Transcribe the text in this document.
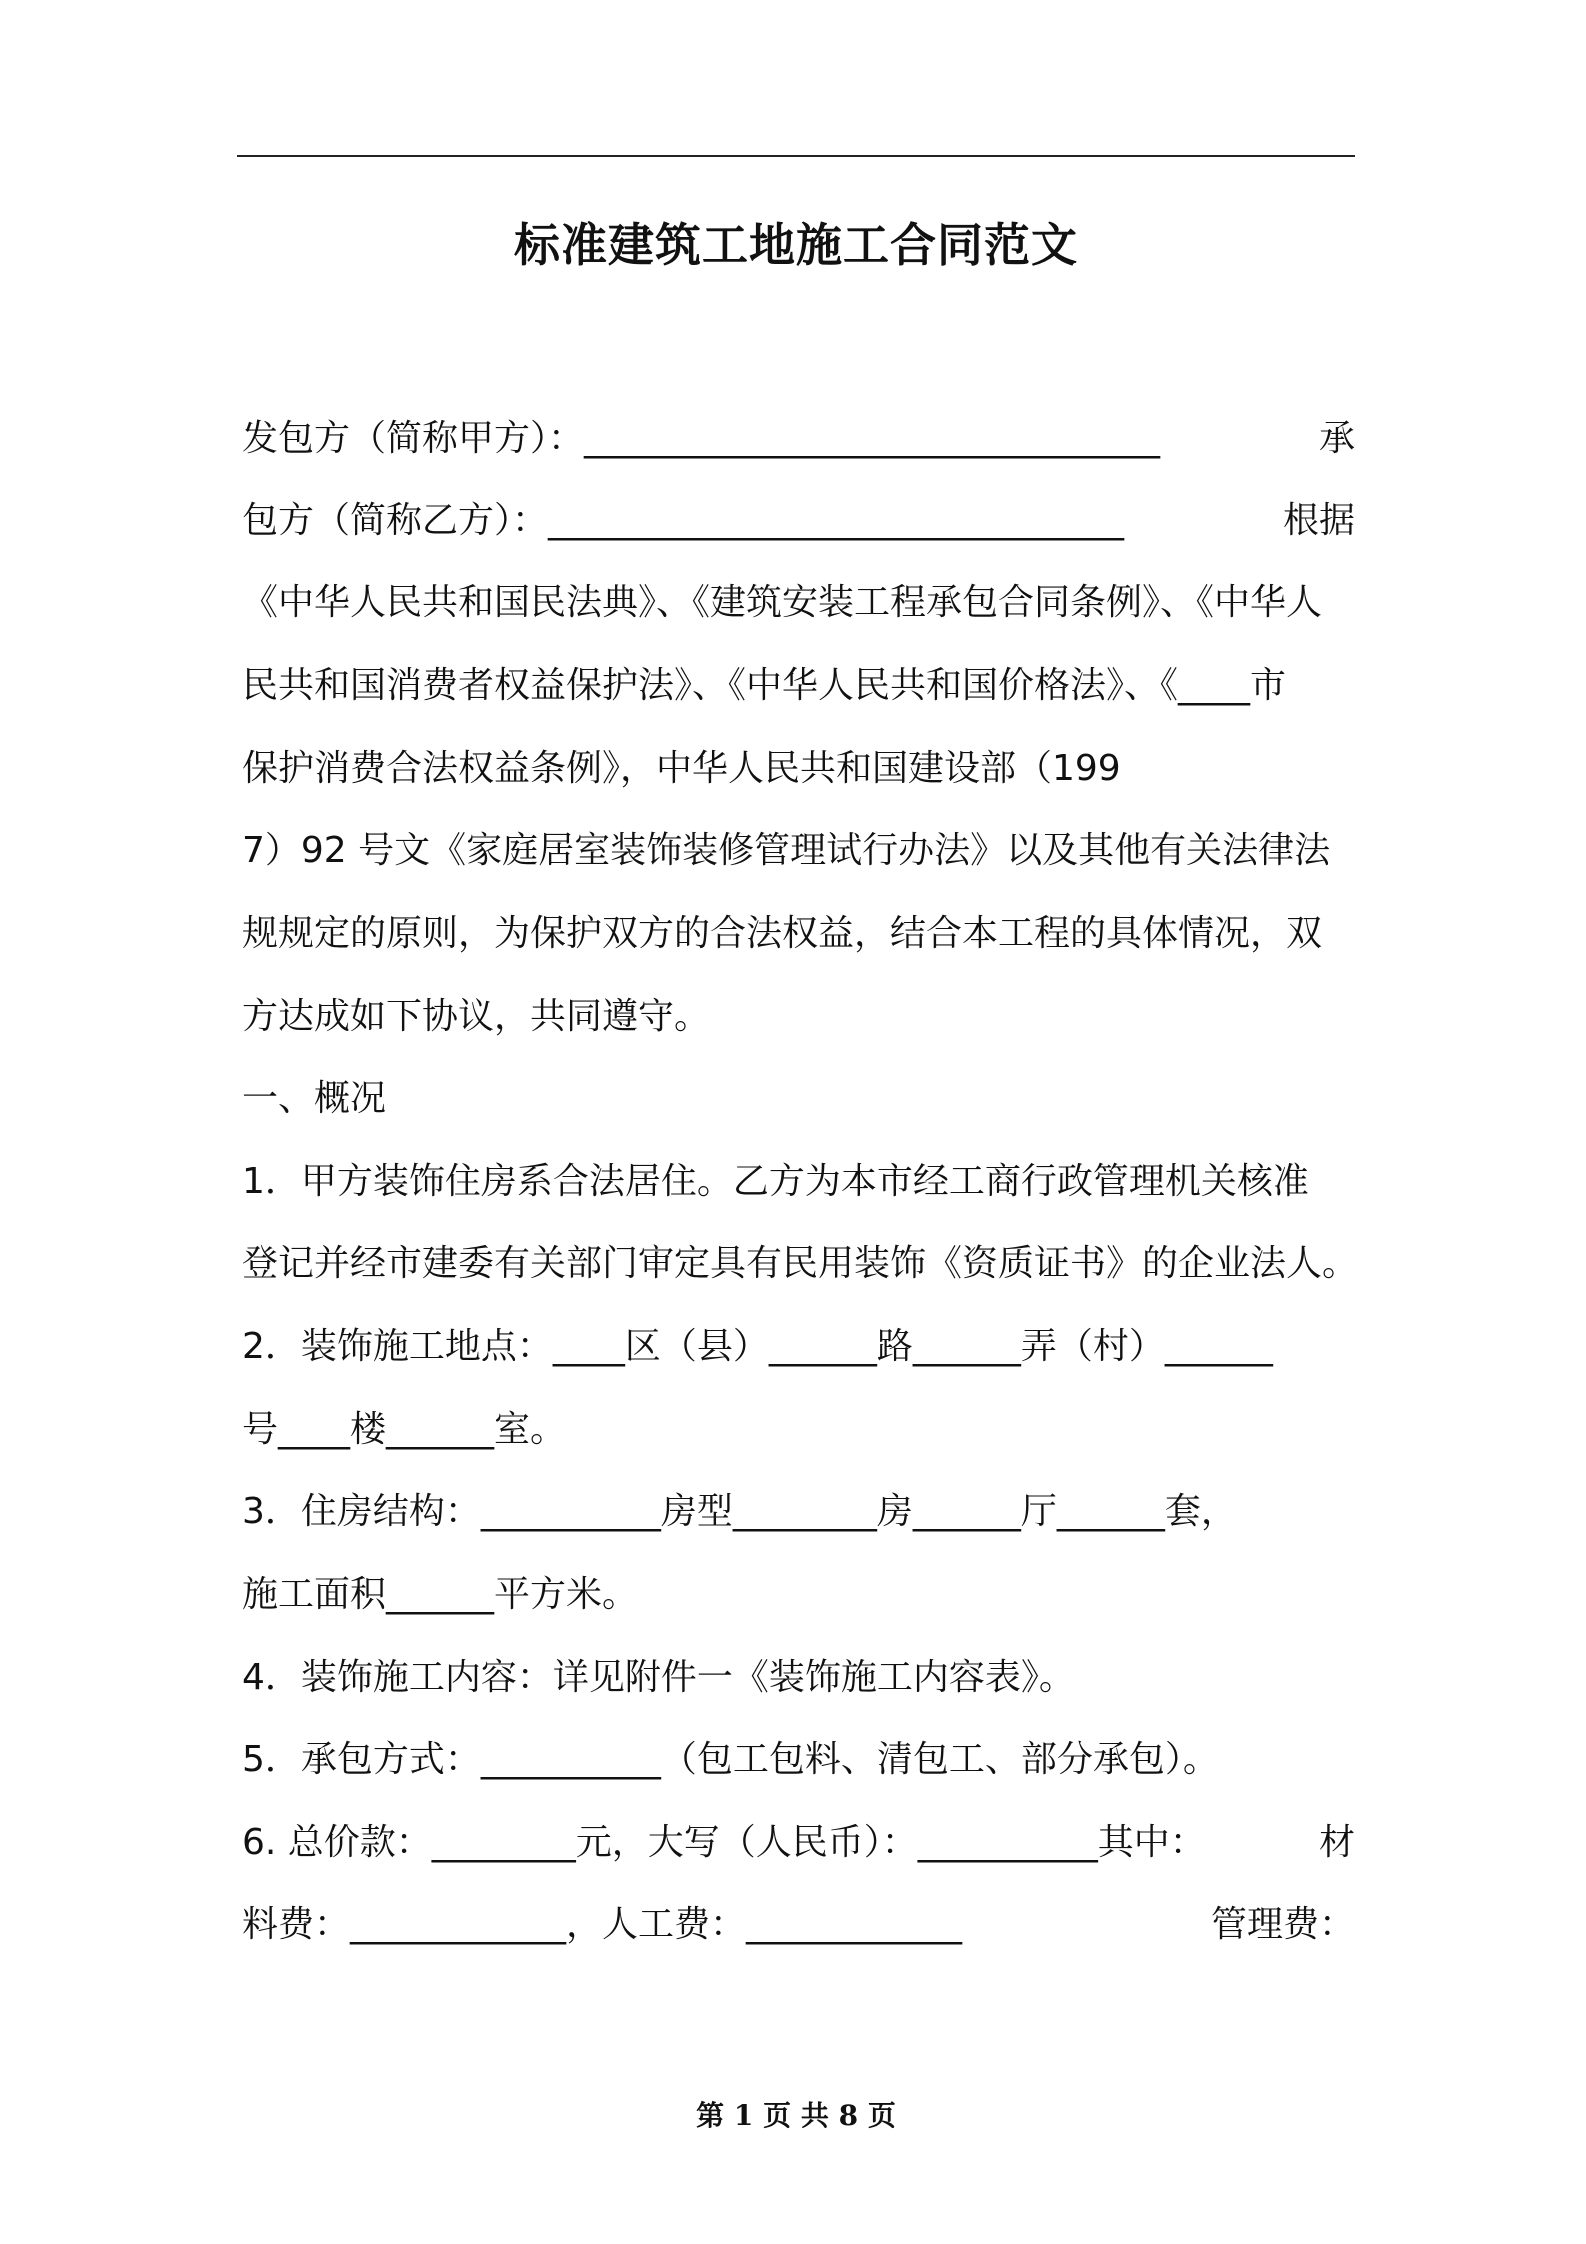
标准建筑工地施工合同范文

发包方（简称甲方）：________________________________	承

包方（简称乙方）：________________________________	根据

《中华人民共和国民法典》、《建筑安装工程承包合同条例》、《中华人

民共和国消费者权益保护法》、《中华人民共和国价格法》、《____市

保护消费合法权益条例》，中华人民共和国建设部（199

7）92 号文《家庭居室装饰装修管理试行办法》以及其他有关法律法

规规定的原则，为保护双方的合法权益，结合本工程的具体情况，双

方达成如下协议，共同遵守。

一、概况

1．甲方装饰住房系合法居住。乙方为本市经工商行政管理机关核准

登记并经市建委有关部门审定具有民用装饰《资质证书》的企业法人。

2．装饰施工地点：____区（县）______路______弄（村）______

号____楼______室。

3．住房结构：__________房型________房______厅______套，

施工面积______平方米。

4．装饰施工内容：详见附件一《装饰施工内容表》。

5．承包方式：__________（包工包料、清包工、部分承包）。

6. 总价款：________元，大写（人民币）：__________其中：	材

料费：____________，人工费：____________	管理费：

第 1 页 共 8 页
